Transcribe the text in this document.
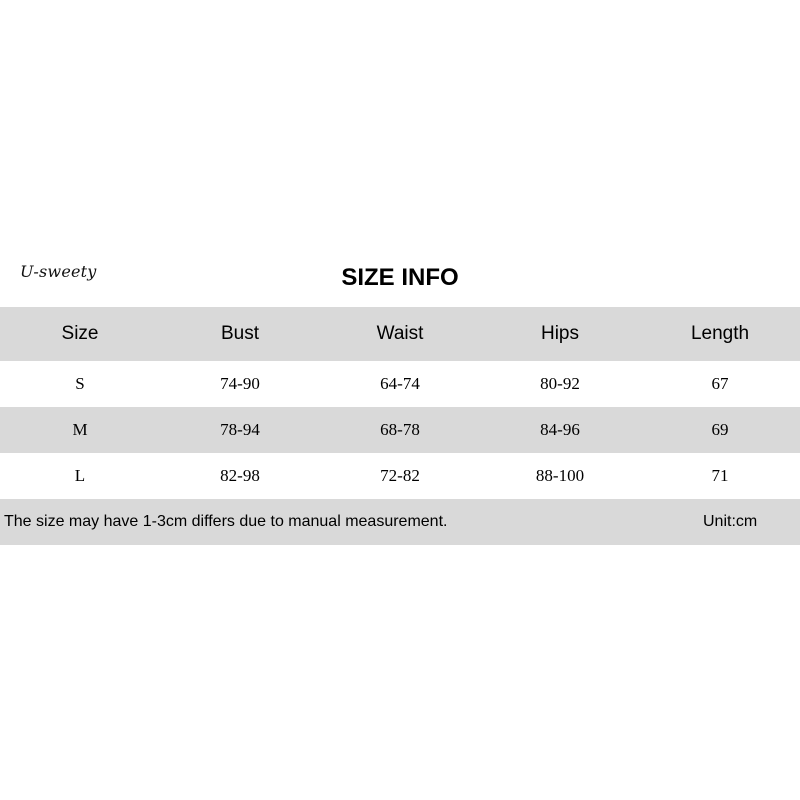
U-sweety	SIZE INFO
Size	Bust	Waist	Hips	Length
S	74-90	64-74	80-92	67
M	78-94	68-78	84-96	69
L	82-98	72-82	88-100	71
The size may have 1-3cm differs due to manual measurement.				Unit:cm
